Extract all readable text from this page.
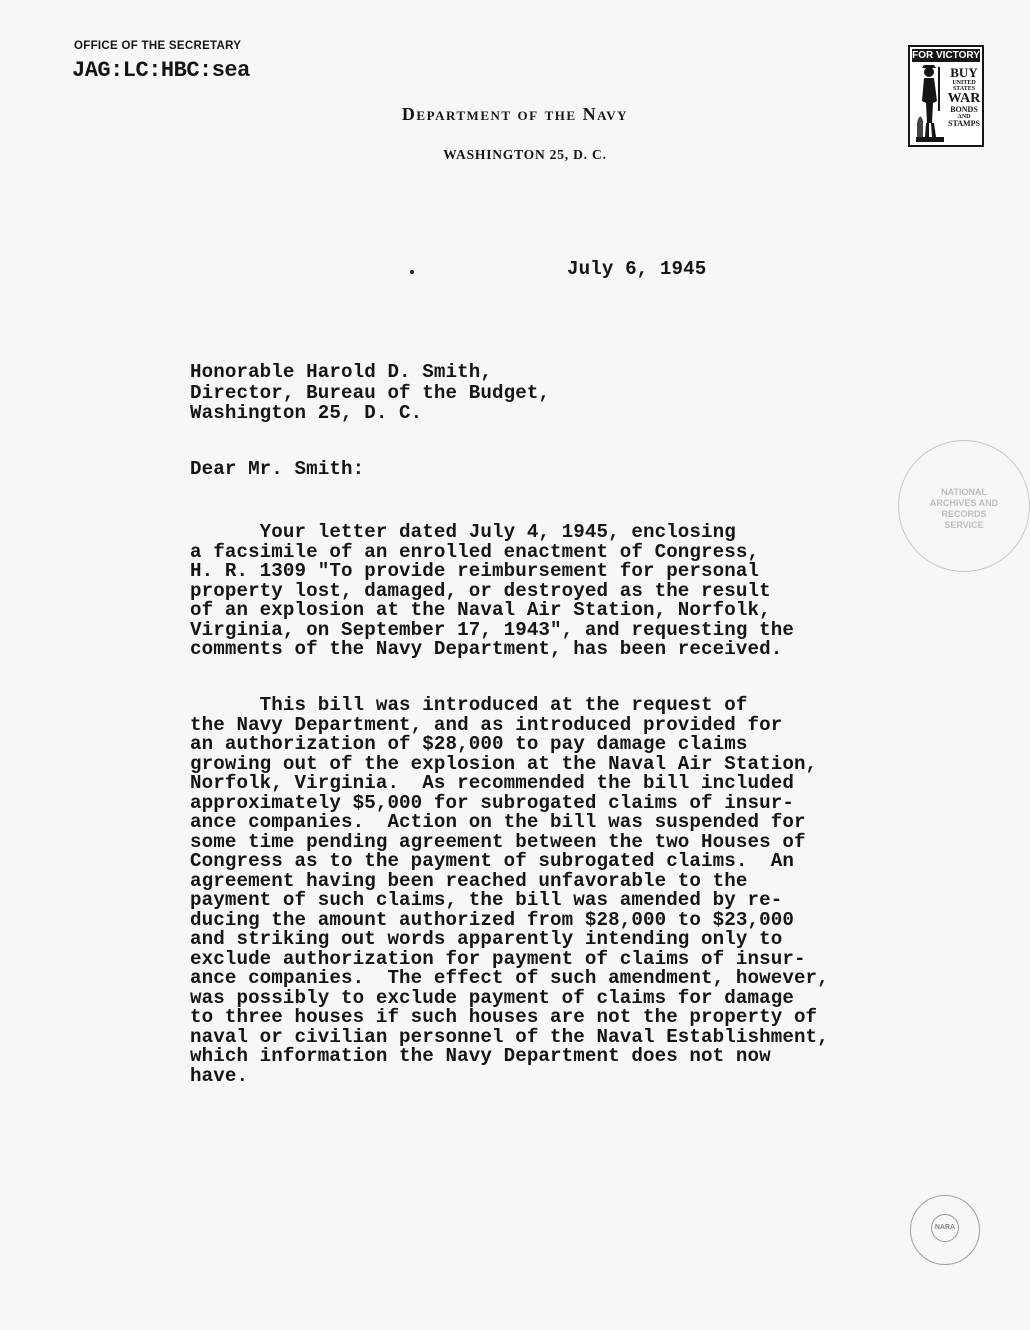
OFFICE OF THE SECRETARY
JAG:LC:HBC:sea
Department of the Navy
WASHINGTON 25, D. C.
FOR VICTORY
BUY
UNITED STATES
WAR
BONDS
AND
STAMPS
July 6, 1945
Honorable Harold D. Smith,
Director, Bureau of the Budget,
Washington 25, D. C.
Dear Mr. Smith:
Your letter dated July 4, 1945, enclosing
a facsimile of an enrolled enactment of Congress,
H. R. 1309 "To provide reimbursement for personal
property lost, damaged, or destroyed as the result
of an explosion at the Naval Air Station, Norfolk,
Virginia, on September 17, 1943", and requesting the
comments of the Navy Department, has been received.
This bill was introduced at the request of
the Navy Department, and as introduced provided for
an authorization of $28,000 to pay damage claims
growing out of the explosion at the Naval Air Station,
Norfolk, Virginia.  As recommended the bill included
approximately $5,000 for subrogated claims of insur-
ance companies.  Action on the bill was suspended for
some time pending agreement between the two Houses of
Congress as to the payment of subrogated claims.  An
agreement having been reached unfavorable to the
payment of such claims, the bill was amended by re-
ducing the amount authorized from $28,000 to $23,000
and striking out words apparently intending only to
exclude authorization for payment of claims of insur-
ance companies.  The effect of such amendment, however,
was possibly to exclude payment of claims for damage
to three houses if such houses are not the property of
naval or civilian personnel of the Naval Establishment,
which information the Navy Department does not now
have.
NATIONAL
ARCHIVES AND
RECORDS
SERVICE
NARA
